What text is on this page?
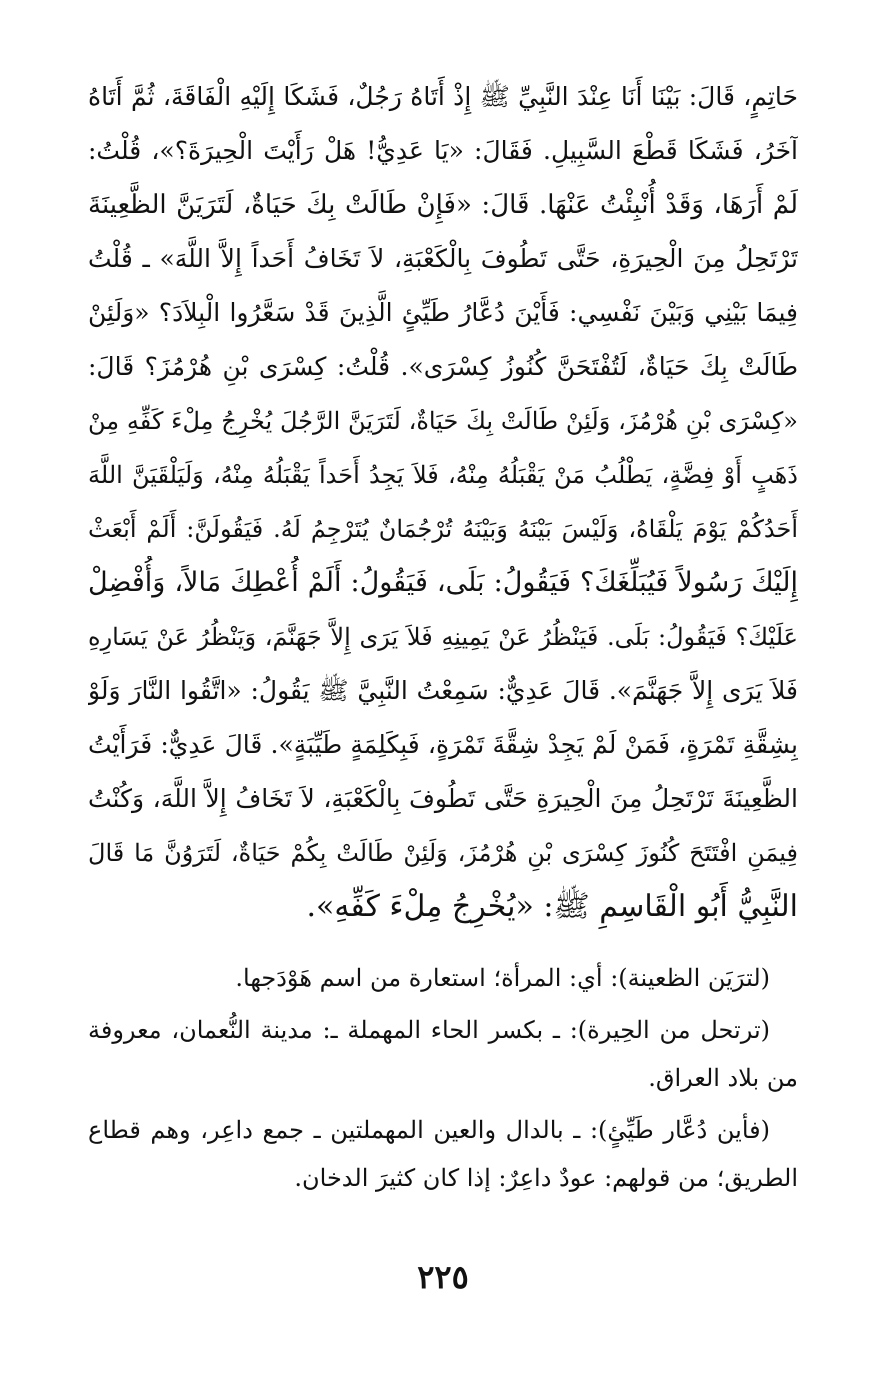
حَاتِمٍ، قَالَ: بَيْنَا أَنَا عِنْدَ النَّبِيِّ ﷺ إِذْ أَتَاهُ رَجُلٌ، فَشَكَا إِلَيْهِ الْفَاقَةَ، ثُمَّ أَتَاهُ
آخَرُ، فَشَكَا قَطْعَ السَّبِيلِ. فَقَالَ: «يَا عَدِيُّ! هَلْ رَأَيْتَ الْحِيرَةَ؟»، قُلْتُ:
لَمْ أَرَهَا، وَقَدْ أُنْبِئْتُ عَنْهَا. قَالَ: «فَإِنْ طَالَتْ بِكَ حَيَاةٌ، لَتَرَيَنَّ الظَّعِينَةَ
تَرْتَحِلُ مِنَ الْحِيرَةِ، حَتَّى تَطُوفَ بِالْكَعْبَةِ، لاَ تَخَافُ أَحَداً إِلاَّ اللَّهَ» ـ قُلْتُ
فِيمَا بَيْنِي وَبَيْنَ نَفْسِي: فَأَيْنَ دُعَّارُ طَيِّئٍ الَّذِينَ قَدْ سَعَّرُوا الْبِلاَدَ؟ «وَلَئِنْ
طَالَتْ بِكَ حَيَاةٌ، لَتُفْتَحَنَّ كُنُوزُ كِسْرَى». قُلْتُ: كِسْرَى بْنِ هُرْمُزَ؟ قَالَ:
«كِسْرَى بْنِ هُرْمُزَ، وَلَئِنْ طَالَتْ بِكَ حَيَاةٌ، لَتَرَيَنَّ الرَّجُلَ يُخْرِجُ مِلْءَ كَفِّهِ مِنْ
ذَهَبٍ أَوْ فِضَّةٍ، يَطْلُبُ مَنْ يَقْبَلُهُ مِنْهُ، فَلاَ يَجِدُ أَحَداً يَقْبَلُهُ مِنْهُ، وَلَيَلْقَيَنَّ اللَّهَ
أَحَدُكُمْ يَوْمَ يَلْقَاهُ، وَلَيْسَ بَيْنَهُ وَبَيْنَهُ تُرْجُمَانٌ يُتَرْجِمُ لَهُ. فَيَقُولَنَّ: أَلَمْ أَبْعَثْ
إِلَيْكَ رَسُولاً فَيُبَلِّغَكَ؟ فَيَقُولُ: بَلَى، فَيَقُولُ: أَلَمْ أُعْطِكَ مَالاً، وَأُفْضِلْ
عَلَيْكَ؟ فَيَقُولُ: بَلَى. فَيَنْظُرُ عَنْ يَمِينِهِ فَلاَ يَرَى إِلاَّ جَهَنَّمَ، وَيَنْظُرُ عَنْ يَسَارِهِ
فَلاَ يَرَى إِلاَّ جَهَنَّمَ». قَالَ عَدِيٌّ: سَمِعْتُ النَّبِيَّ ﷺ يَقُولُ: «اتَّقُوا النَّارَ وَلَوْ
بِشِقَّةِ تَمْرَةٍ، فَمَنْ لَمْ يَجِدْ شِقَّةَ تَمْرَةٍ، فَبِكَلِمَةٍ طَيِّبَةٍ». قَالَ عَدِيٌّ: فَرَأَيْتُ
الظَّعِينَةَ تَرْتَحِلُ مِنَ الْحِيرَةِ حَتَّى تَطُوفَ بِالْكَعْبَةِ، لاَ تَخَافُ إِلاَّ اللَّهَ، وَكُنْتُ
فِيمَنِ افْتَتَحَ كُنُوزَ كِسْرَى بْنِ هُرْمُزَ، وَلَئِنْ طَالَتْ بِكُمْ حَيَاةٌ، لَتَرَوُنَّ مَا قَالَ
النَّبِيُّ أَبُو الْقَاسِمِ ﷺ: «يُخْرِجُ مِلْءَ كَفِّهِ».

(لترَيَن الظعينة): أي: المرأة؛ استعارة من اسم هَوْدَجها.

(ترتحل من الحِيرة): ـ بكسر الحاء المهملة ـ: مدينة النُّعمان، معروفة من بلاد العراق.

(فأين دُعَّار طَيِّئٍ): ـ بالدال والعين المهملتين ـ جمع داعِر، وهم قطاع الطريق؛ من قولهم: عودٌ داعِرٌ: إذا كان كثيرَ الدخان.

٢٢٥
